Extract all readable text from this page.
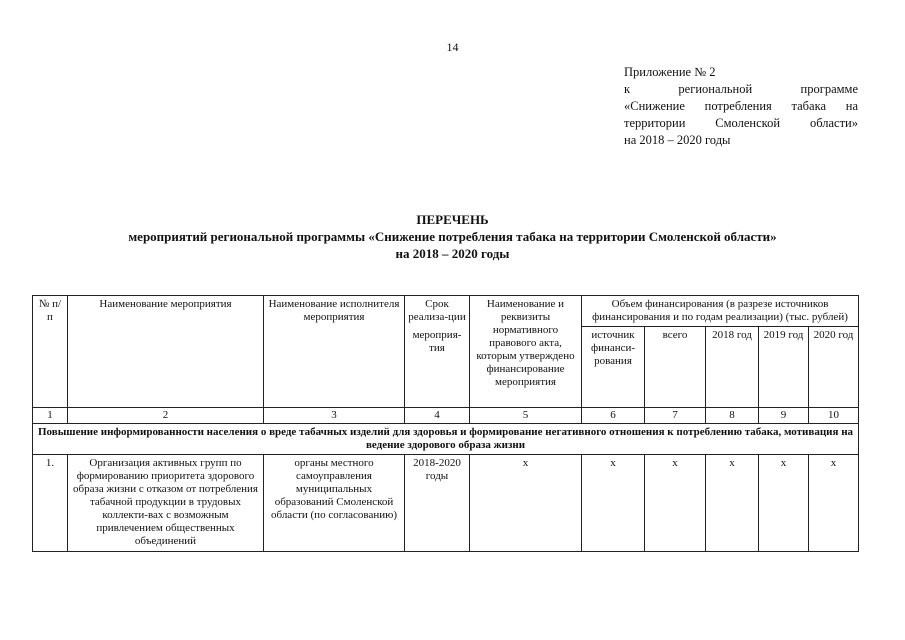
14
Приложение № 2
к региональной программе
«Снижение потребления табака на
территории Смоленской области»
на 2018 – 2020 годы
ПЕРЕЧЕНЬ
мероприятий региональной программы «Снижение потребления табака на территории Смоленской области»
на 2018 – 2020 годы
№ п/п	Наименование мероприятия	Наименование исполнителя мероприятия	Срок реализа-ции	Наименование и реквизиты нормативного правового акта, которым утверждено финансирование мероприятия	Объем финансирования (в разрезе источников финансирования и по годам реализации) (тыс. рублей)				
			мероприя-тия		источник финанси-рования	всего	2018 год	2019 год	2020 год
1	2	3	4	5	6	7	8	9	10
Повышение информированности населения о вреде табачных изделий для здоровья и формирование негативного отношения к потреблению табака, мотивация на ведение здорового образа жизни									
1.	Организация активных групп по формированию приоритета здорового образа жизни с отказом от потребления табачной продукции в трудовых коллекти-вах с возможным привлечением общественных объединений	органы местного самоуправления муниципальных образований Смоленской области (по согласованию)	2018-2020 годы	х	х	х	х	х	х
